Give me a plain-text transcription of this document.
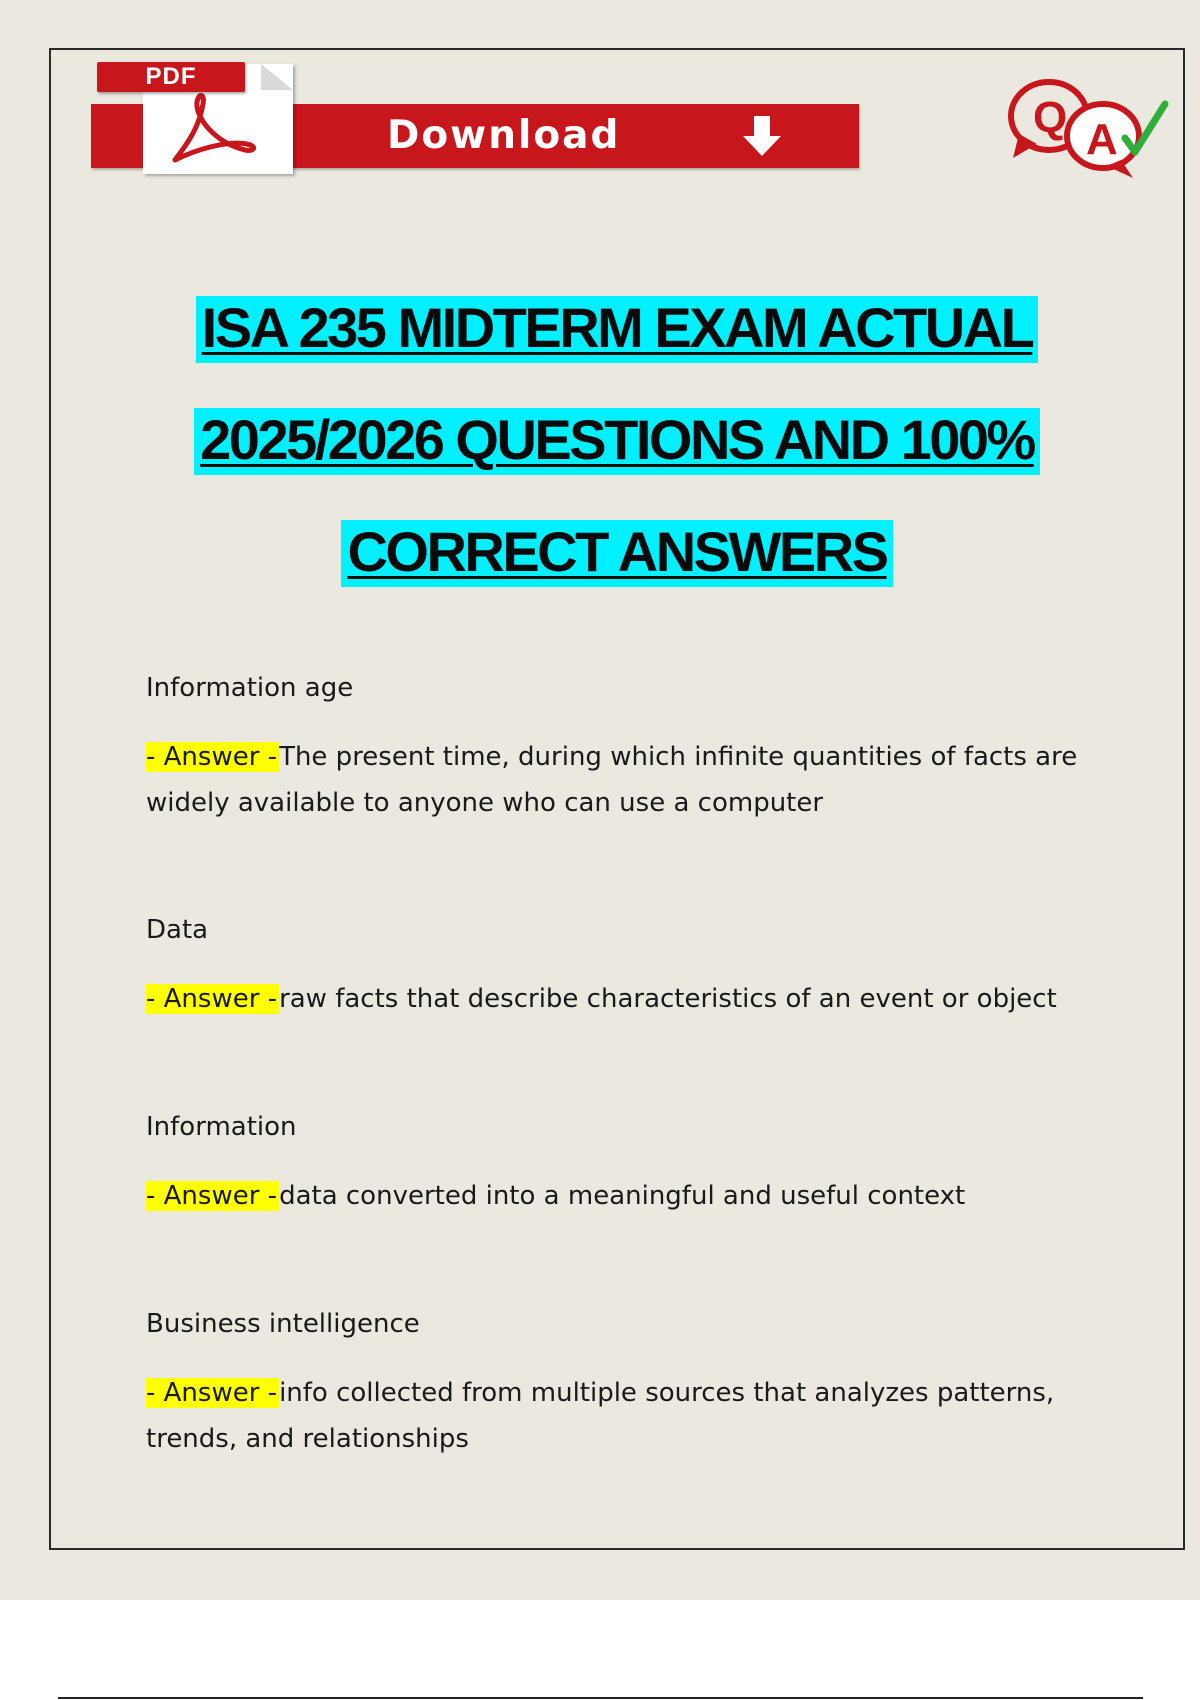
PDF
Download	Q A
ISA 235 MIDTERM EXAM ACTUAL
2025/2026 QUESTIONS AND 100%
CORRECT ANSWERS

Information age

- Answer -The present time, during which infinite quantities of facts are widely available to anyone who can use a computer

Data

- Answer -raw facts that describe characteristics of an event or object

Information

- Answer -data converted into a meaningful and useful context

Business intelligence

- Answer -info collected from multiple sources that analyzes patterns, trends, and relationships
